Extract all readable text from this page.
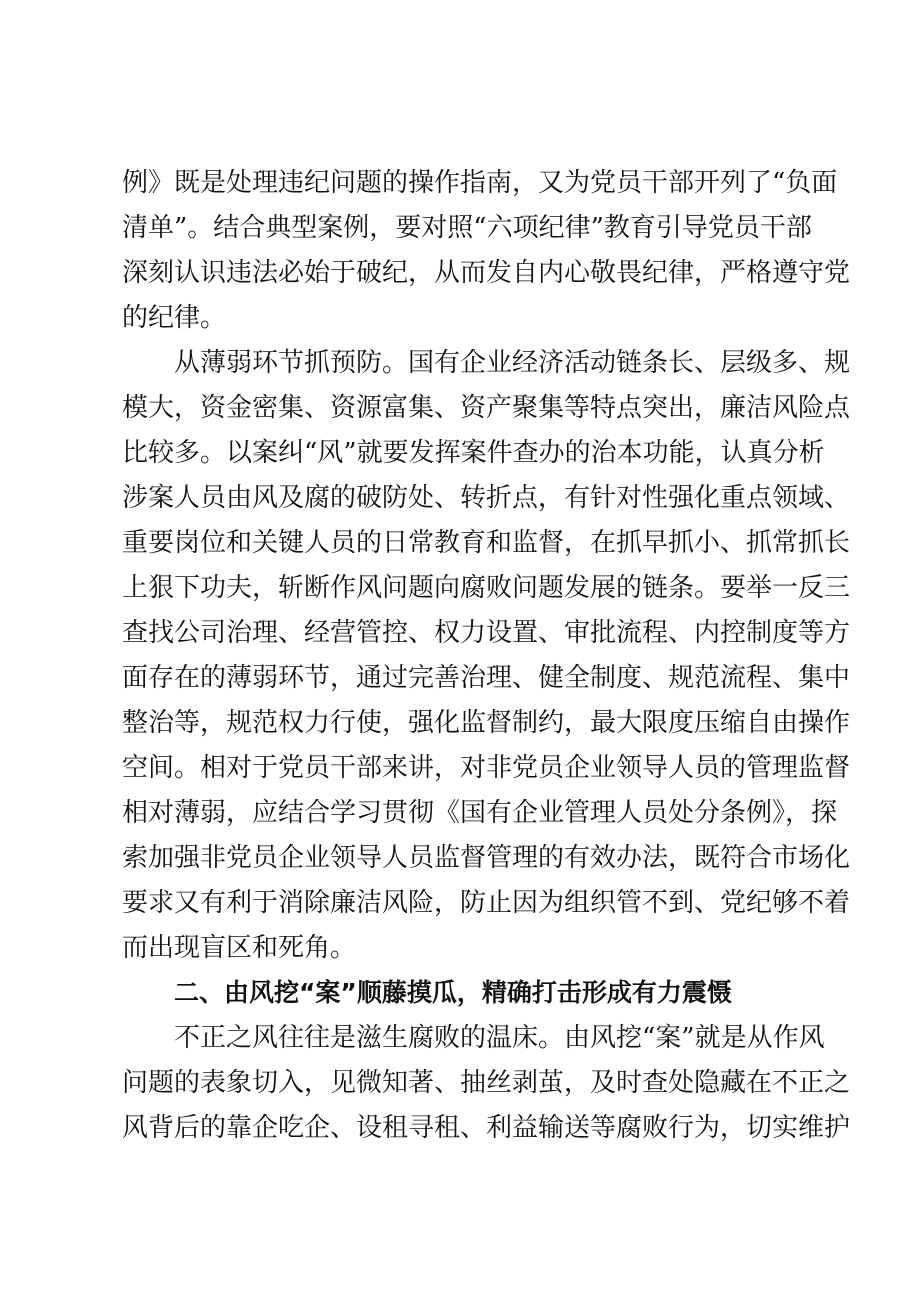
例》既是处理违纪问题的操作指南，又为党员干部开列了“负面
清单”。结合典型案例，要对照“六项纪律”教育引导党员干部
深刻认识违法必始于破纪，从而发自内心敬畏纪律，严格遵守党
的纪律。
从薄弱环节抓预防。国有企业经济活动链条长、层级多、规
模大，资金密集、资源富集、资产聚集等特点突出，廉洁风险点
比较多。以案纠“风”就要发挥案件查办的治本功能，认真分析
涉案人员由风及腐的破防处、转折点，有针对性强化重点领域、
重要岗位和关键人员的日常教育和监督，在抓早抓小、抓常抓长
上狠下功夫，斩断作风问题向腐败问题发展的链条。要举一反三
查找公司治理、经营管控、权力设置、审批流程、内控制度等方
面存在的薄弱环节，通过完善治理、健全制度、规范流程、集中
整治等，规范权力行使，强化监督制约，最大限度压缩自由操作
空间。相对于党员干部来讲，对非党员企业领导人员的管理监督
相对薄弱，应结合学习贯彻《国有企业管理人员处分条例》，探
索加强非党员企业领导人员监督管理的有效办法，既符合市场化
要求又有利于消除廉洁风险，防止因为组织管不到、党纪够不着
而出现盲区和死角。
二、由风挖“案”顺藤摸瓜，精确打击形成有力震慑
不正之风往往是滋生腐败的温床。由风挖“案”就是从作风
问题的表象切入，见微知著、抽丝剥茧，及时查处隐藏在不正之
风背后的靠企吃企、设租寻租、利益输送等腐败行为，切实维护
